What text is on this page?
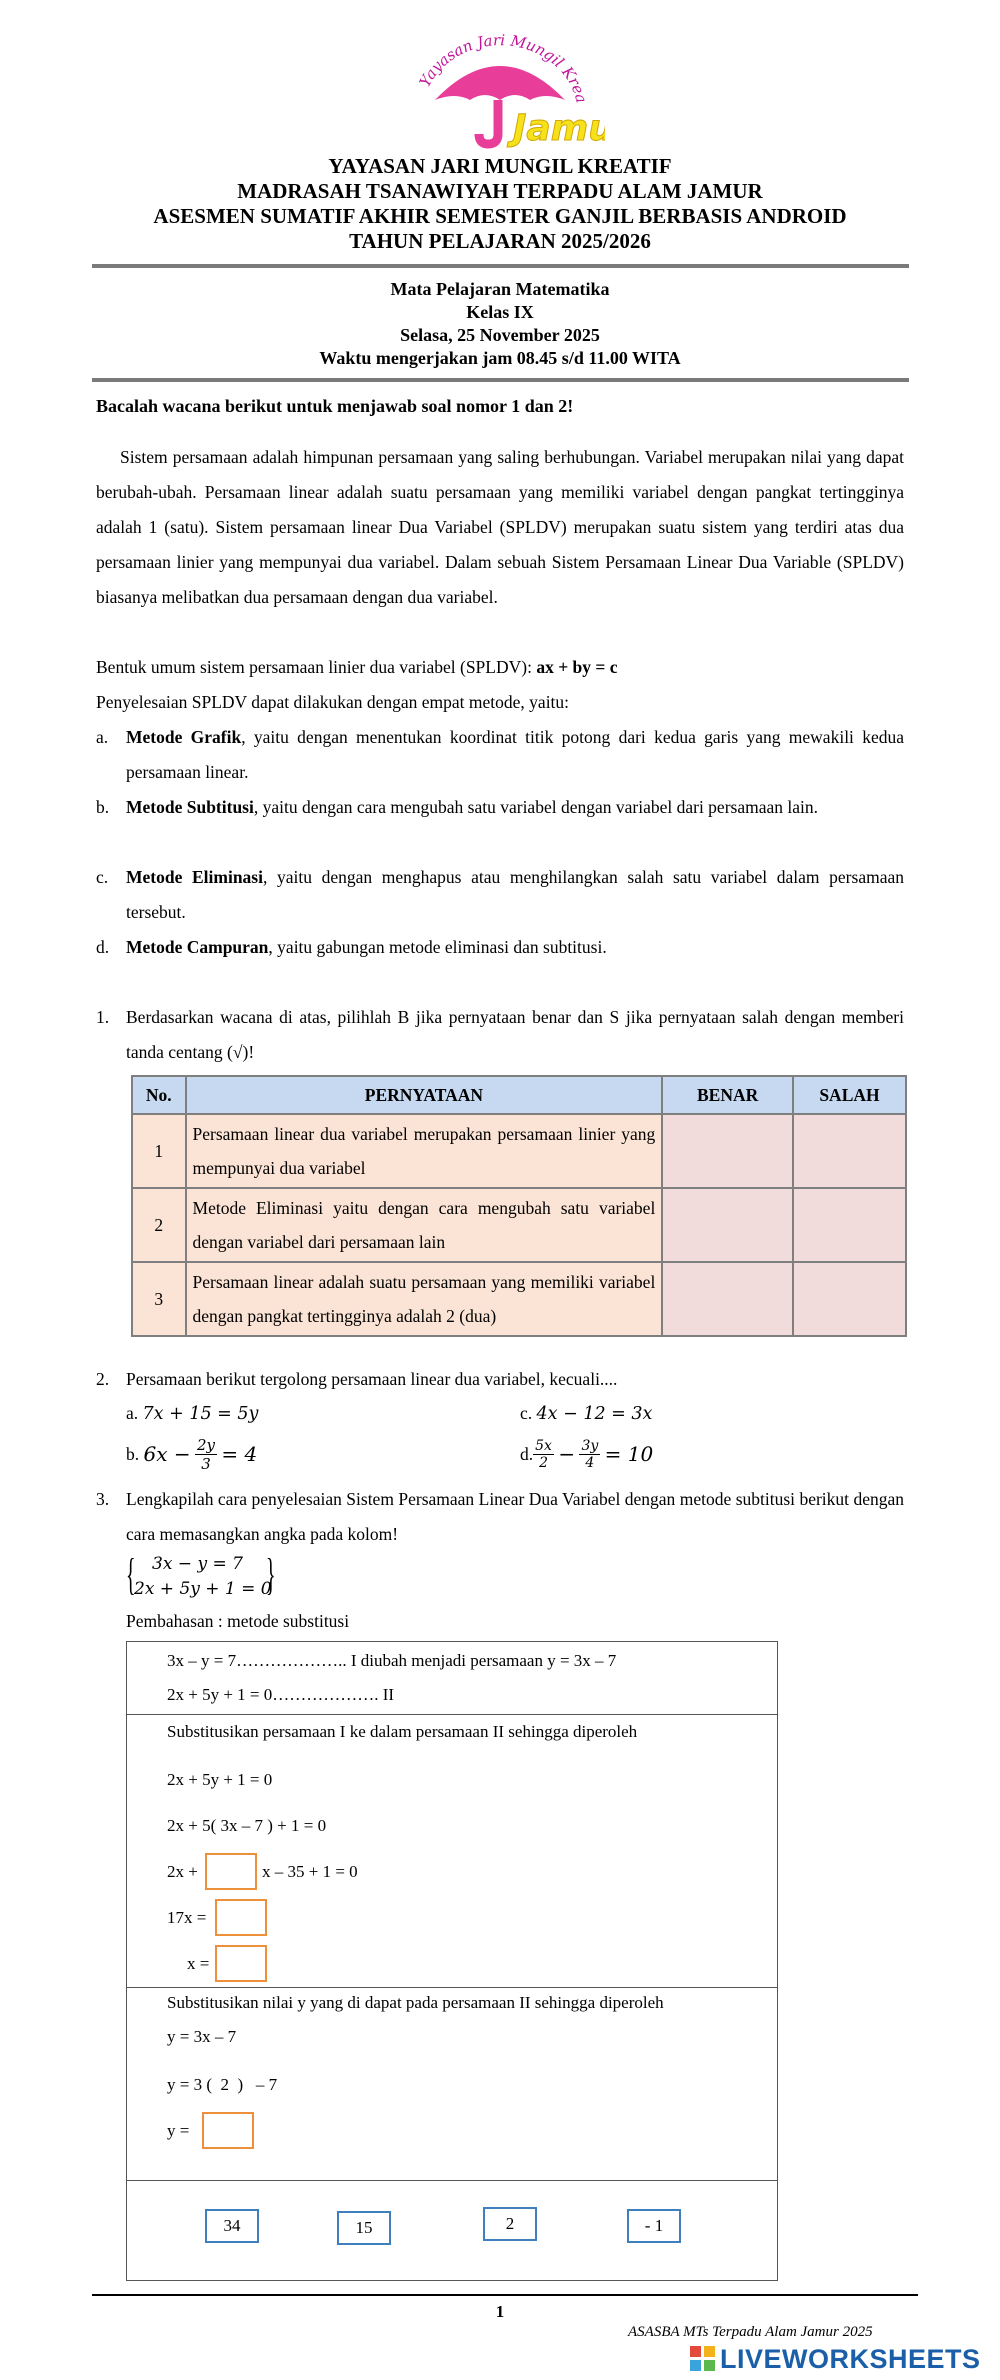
Yayasan Jari Mungil Krea
Jam
YAYASAN JARI MUNGIL KREATIF
MADRASAH TSANAWIYAH TERPADU ALAM JAMUR
ASESMEN SUMATIF AKHIR SEMESTER GANJIL BERBASIS ANDROID
TAHUN PELAJARAN 2025/2026
Mata Pelajaran Matematika
Kelas IX
Selasa, 25 November 2025
Waktu mengerjakan jam 08.45 s/d 11.00 WITA
Bacalah wacana berikut untuk menjawab soal nomor 1 dan 2!
Sistem persamaan adalah himpunan persamaan yang saling berhubungan. Variabel merupakan nilai yang dapat berubah-ubah. Persamaan linear adalah suatu persamaan yang memiliki variabel dengan pangkat tertingginya adalah 1 (satu). Sistem persamaan linear Dua Variabel (SPLDV) merupakan suatu sistem yang terdiri atas dua persamaan linier yang mempunyai dua variabel. Dalam sebuah Sistem Persamaan Linear Dua Variable (SPLDV) biasanya melibatkan dua persamaan dengan dua variabel.
Bentuk umum sistem persamaan linier dua variabel (SPLDV): ax + by = c
Penyelesaian SPLDV dapat dilakukan dengan empat metode, yaitu:
a. Metode Grafik, yaitu dengan menentukan koordinat titik potong dari kedua garis yang mewakili kedua persamaan linear.
b. Metode Subtitusi, yaitu dengan cara mengubah satu variabel dengan variabel dari persamaan lain.
c. Metode Eliminasi, yaitu dengan menghapus atau menghilangkan salah satu variabel dalam persamaan tersebut.
d. Metode Campuran, yaitu gabungan metode eliminasi dan subtitusi.
1. Berdasarkan wacana di atas, pilihlah B jika pernyataan benar dan S jika pernyataan salah dengan memberi tanda centang (√)!
No.	PERNYATAAN	BENAR	SALAH
1	Persamaan linear dua variabel merupakan persamaan linier yang mempunyai dua variabel		
2	Metode Eliminasi yaitu dengan cara mengubah satu variabel dengan variabel dari persamaan lain		
3	Persamaan linear adalah suatu persamaan yang memiliki variabel dengan pangkat tertingginya adalah 2 (dua)		
2. Persamaan berikut tergolong persamaan linear dua variabel, kecuali....
a. 7x + 15 = 5y	c. 4x − 12 = 3x
b.
6x −
$\frac{2y}{3}$
= 4	d. 5x
2
−
$\frac{3y}{4}$
= 10
3. Lengkapilah cara penyelesaian Sistem Persamaan Linear Dua Variabel dengan metode subtitusi berikut dengan cara memasangkan angka pada kolom!
{ 3x − y = 7
2x + 5y + 1 = 0
}
Pembahasan : metode substitusi
3x – y = 7……………….. I diubah menjadi persamaan y = 3x – 7
2x + 5y + 1 = 0………………. II
Substitusikan persamaan I ke dalam persamaan II sehingga diperoleh
2x + 5y + 1 = 0
2x + 5( 3x – 7 ) + 1 = 0
2x +	x – 35 + 1 = 0
17x =
x =
Substitusikan nilai y yang di dapat pada persamaan II sehingga diperoleh
y = 3x – 7
y = 3 (  2  )   – 7
y =
34	15	2	- 1
1
ASASBA MTs Terpadu Alam Jamur 2025
LIVEWORKSHEETS
